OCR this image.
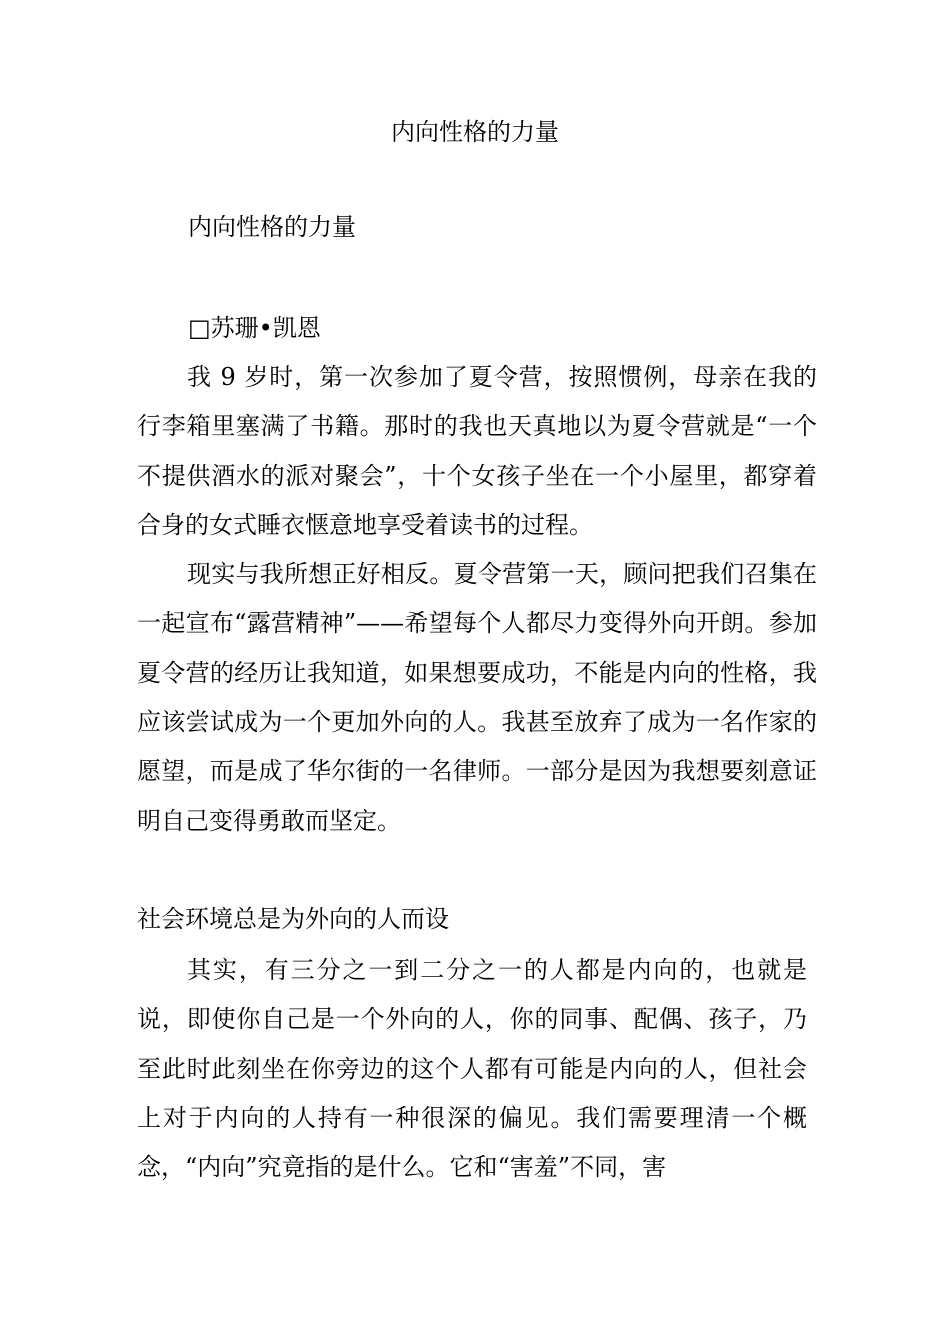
内向性格的力量
内向性格的力量
□苏珊•凯恩

我 9 岁时，第一次参加了夏令营，按照惯例，母亲在我的行李箱里塞满了书籍。那时的我也天真地以为夏令营就是“一个不提供酒水的派对聚会”，十个女孩子坐在一个小屋里，都穿着合身的女式睡衣惬意地享受着读书的过程。

现实与我所想正好相反。夏令营第一天，顾问把我们召集在一起宣布“露营精神”——希望每个人都尽力变得外向开朗。参加夏令营的经历让我知道，如果想要成功，不能是内向的性格，我应该尝试成为一个更加外向的人。我甚至放弃了成为一名作家的愿望，而是成了华尔街的一名律师。一部分是因为我想要刻意证明自己变得勇敢而坚定。

社会环境总是为外向的人而设

其实，有三分之一到二分之一的人都是内向的，也就是说，即使你自己是一个外向的人，你的同事、配偶、孩子，乃至此时此刻坐在你旁边的这个人都有可能是内向的人，但社会上对于内向的人持有一种很深的偏见。我们需要理清一个概念，“内向”究竟指的是什么。它和“害羞”不同，害
